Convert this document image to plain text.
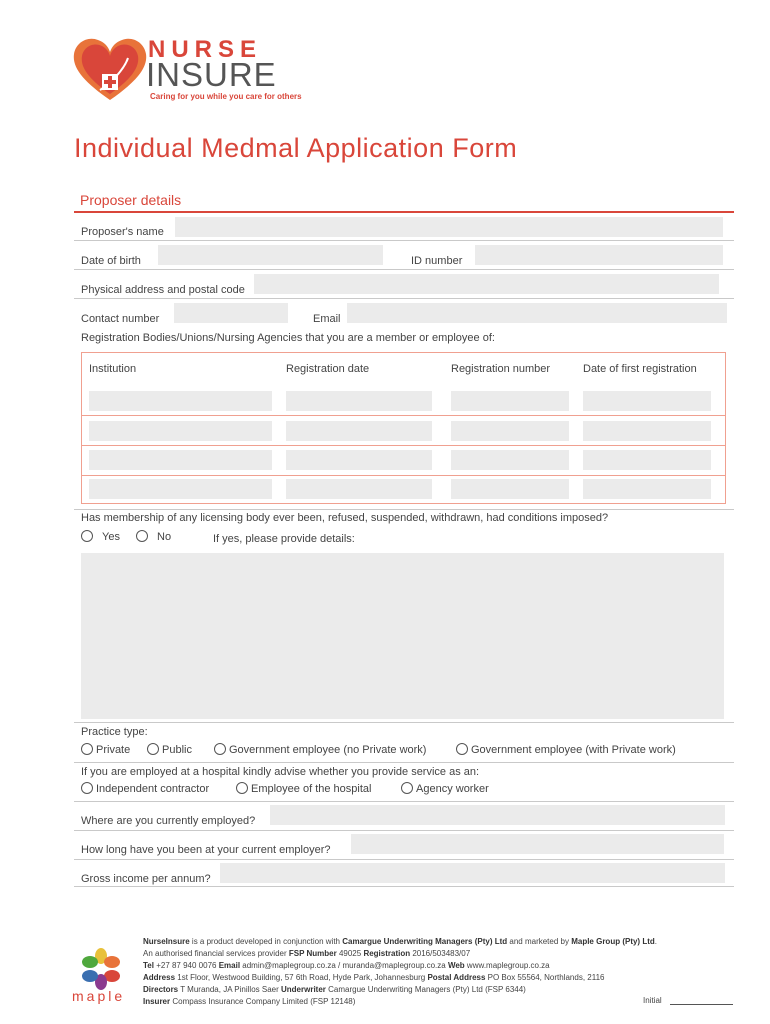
NURSE
INSURE
Caring for you while you care for others
Individual Medmal Application Form
Proposer details
Proposer's name
Date of birth	ID number
Physical address and postal code
Contact number	Email
Registration Bodies/Unions/Nursing Agencies that you are a member or employee of:
Institution	Registration date	Registration number	Date of first registration
Has membership of any licensing body ever been, refused, suspended, withdrawn, had conditions imposed?
Yes	No	If yes, please provide details:
Practice type:
Private	Public	Government employee (no Private work)	Government employee (with Private work)
If you are employed at a hospital kindly advise whether you provide service as an:
Independent contractor	Employee of the hospital	Agency worker
Where are you currently employed?
How long have you been at your current employer?
Gross income per annum?
maple
NurseInsure is a product developed in conjunction with Camargue Underwriting Managers (Pty) Ltd and marketed by Maple Group (Pty) Ltd.
An authorised financial services provider FSP Number 49025 Registration 2016/503483/07
Tel +27 87 940 0076 Email admin@maplegroup.co.za / muranda@maplegroup.co.za Web www.maplegroup.co.za
Address 1st Floor, Westwood Building, 57 6th Road, Hyde Park, Johannesburg Postal Address PO Box 55564, Northlands, 2116
Directors T Muranda, JA Pinillos Saer Underwriter Camargue Underwriting Managers (Pty) Ltd (FSP 6344)
Insurer Compass Insurance Company Limited (FSP 12148)	Initial
